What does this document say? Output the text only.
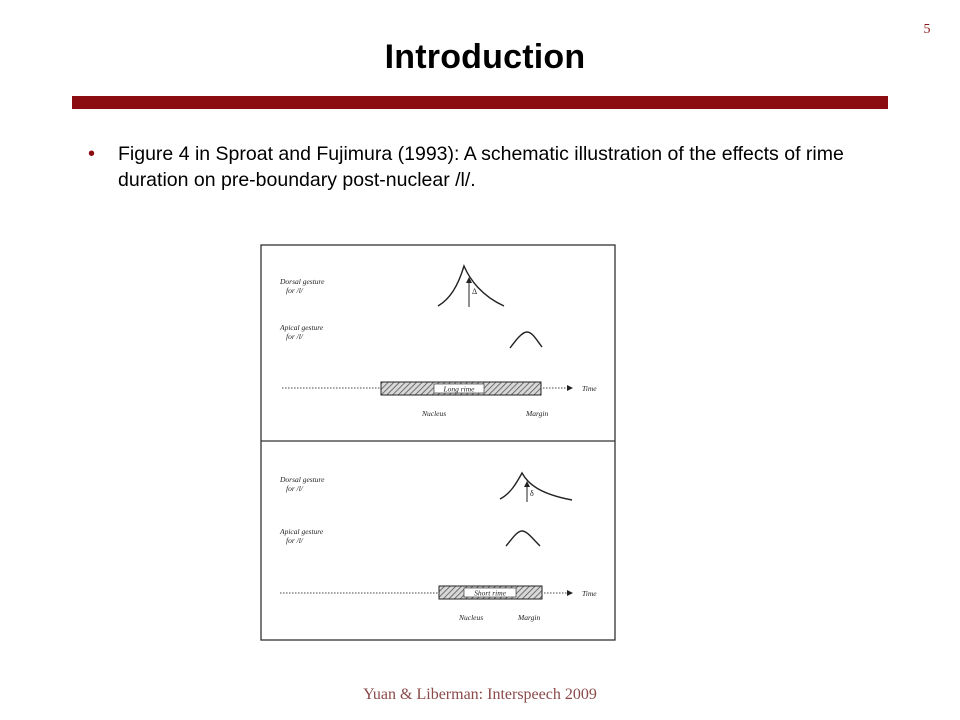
5
Introduction
• Figure 4 in Sproat and Fujimura (1993): A schematic illustration of the effects of rime duration on pre-boundary post-nuclear /l/.
Dorsal gesture for /l/	Δ
Apical gesture for /l/
Long rime	Time
Nucleus	Margin
Dorsal gesture for /l/
δ
Apical gesture for /l/
Short rime	Time
Nucleus	Margin
Yuan & Liberman: Interspeech 2009
